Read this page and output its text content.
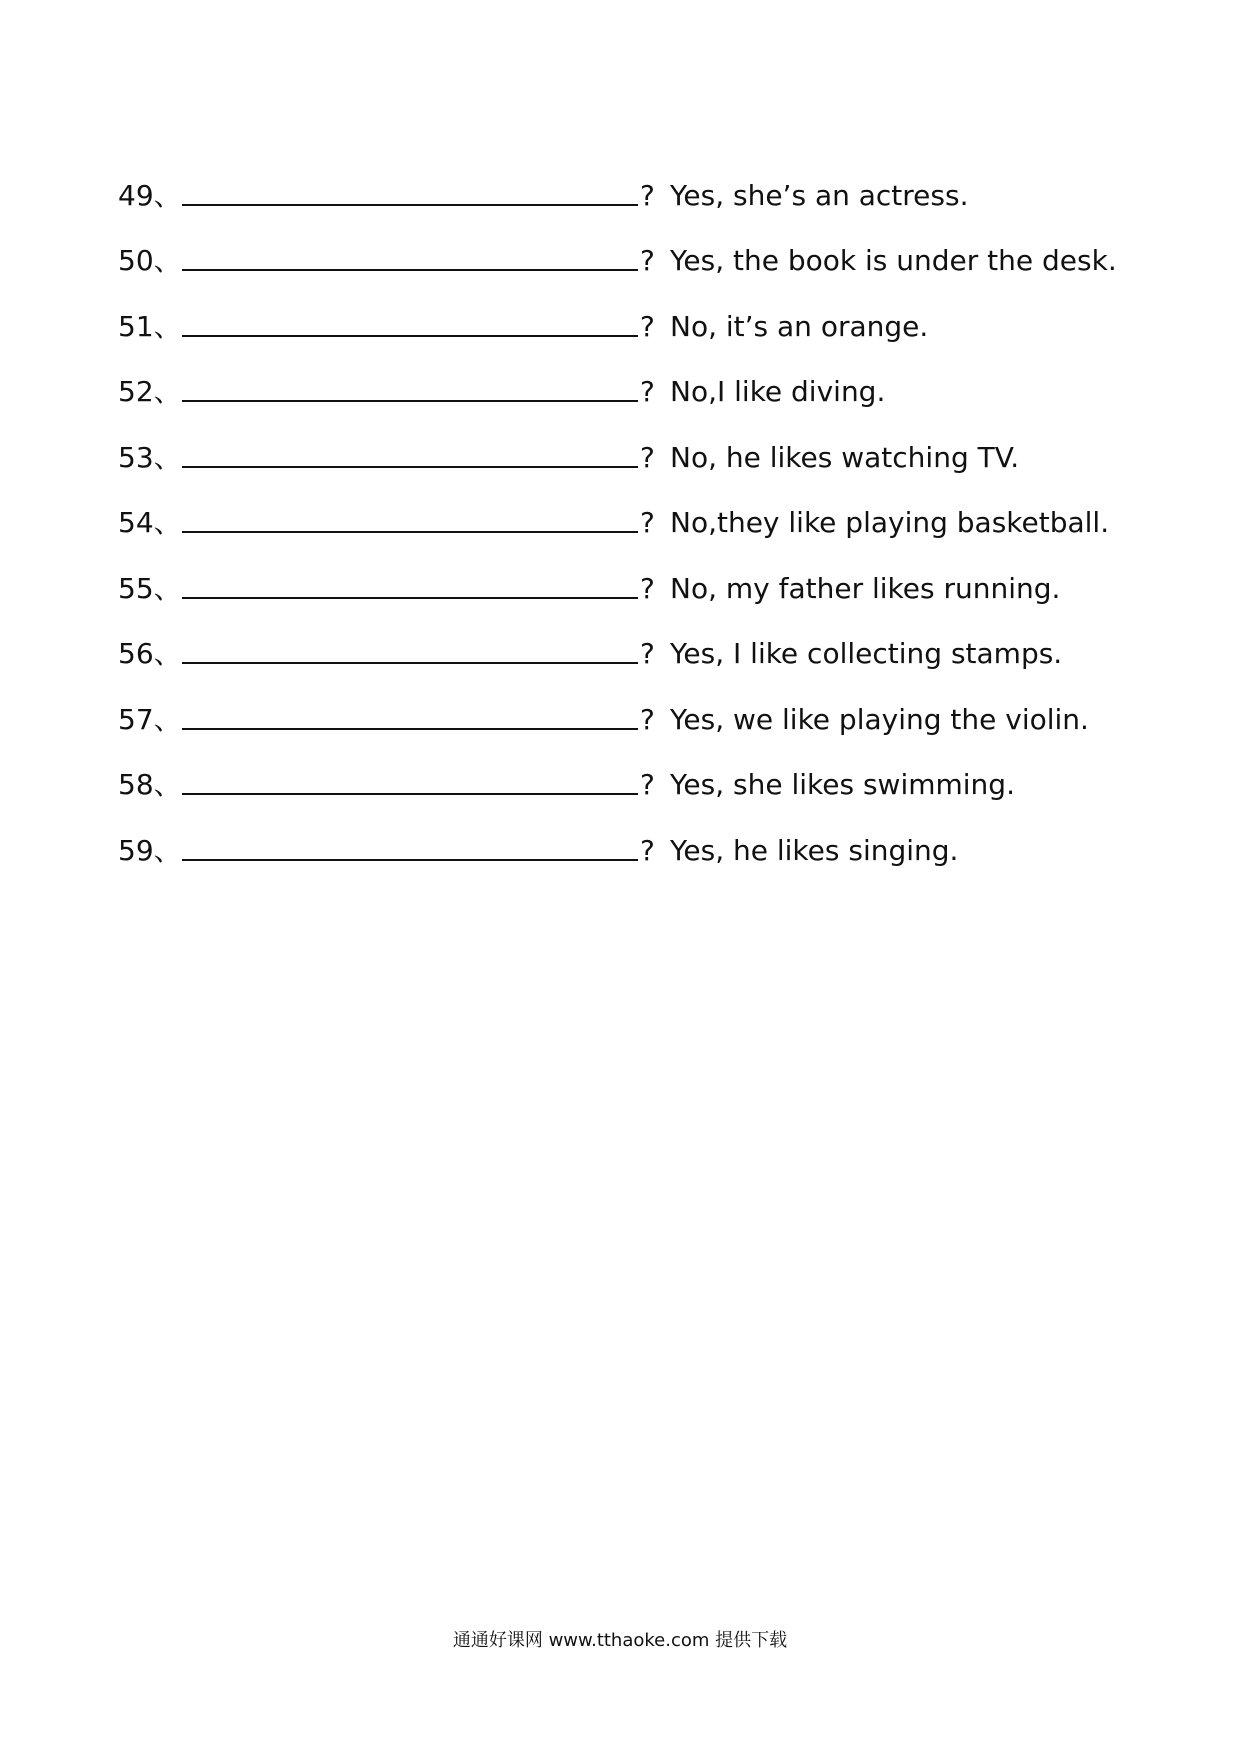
49、	? Yes, she’s an actress.
50、	? Yes, the book is under the desk.
51、	? No, it’s an orange.
52、	? No,I like diving.
53、	? No, he likes watching TV.
54、	? No,they like playing basketball.
55、	? No, my father likes running.
56、	? Yes, I like collecting stamps.
57、	? Yes, we like playing the violin.
58、	? Yes, she likes swimming.
59、	? Yes, he likes singing.
通通好课网 www.tthaoke.com 提供下载
